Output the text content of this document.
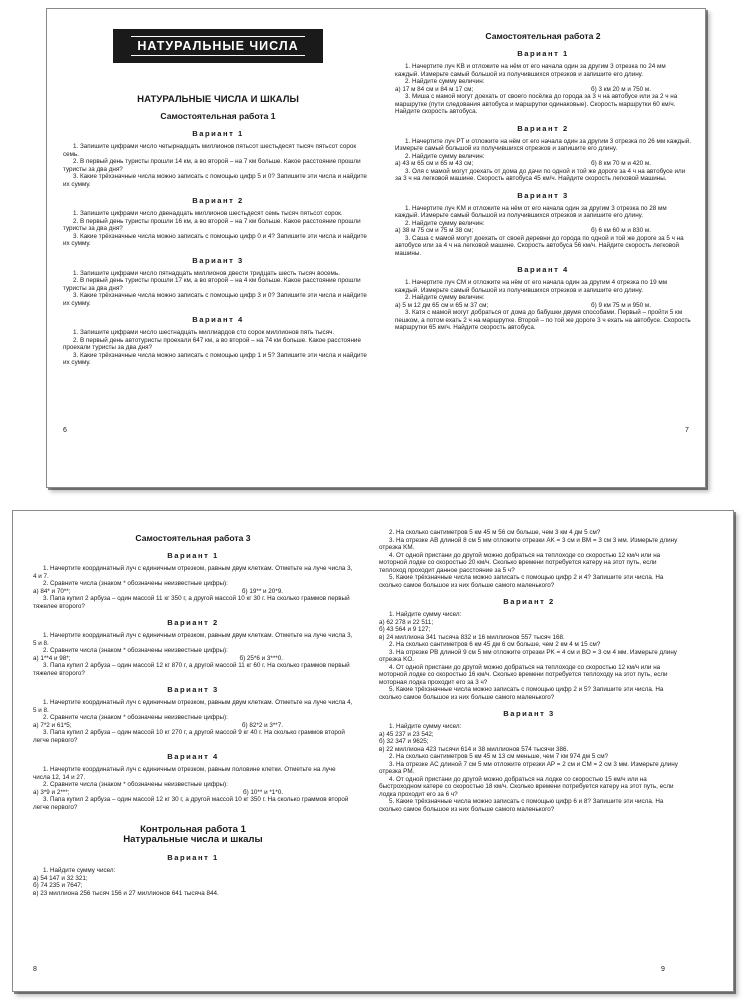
НАТУРАЛЬНЫЕ ЧИСЛА

НАТУРАЛЬНЫЕ ЧИСЛА И ШКАЛЫ

Самостоятельная работа 1

Вариант 1

1. Запишите цифрами число четырнадцать миллионов пятьсот шестьдесят тысяч пятьсот сорок семь.

2. В первый день туристы прошли 14 км, а во второй – на 7 км больше. Какое расстояние прошли туристы за два дня?

3. Какие трёхзначные числа можно записать с помощью цифр 5 и 0? Запишите эти числа и найдите их сумму.

Вариант 2

1. Запишите цифрами число двенадцать миллионов шестьдесят семь тысяч пятьсот сорок.

2. В первый день туристы прошли 16 км, а во второй – на 7 км больше. Какое расстояние прошли туристы за два дня?

3. Какие трёхзначные числа можно записать с помощью цифр 0 и 4? Запишите эти числа и найдите их сумму.

Вариант 3

1. Запишите цифрами число пятнадцать миллионов двести тридцать шесть тысяч восемь.

2. В первый день туристы прошли 17 км, а во второй – на 4 км больше. Какое расстояние прошли туристы за два дня?

3. Какие трёхзначные числа можно записать с помощью цифр 3 и 0? Запишите эти числа и найдите их сумму.

Вариант 4

1. Запишите цифрами число шестнадцать миллиардов сто сорок миллионов пять тысяч.

2. В первый день автотуристы проехали 647 км, а во второй – на 74 км больше. Какое расстояние проехали туристы за два дня?

3. Какие трёхзначные числа можно записать с помощью цифр 1 и 5? Запишите эти числа и найдите их сумму.

6

Самостоятельная работа 2

Вариант 1

1. Начертите луч KB и отложите на нём от его начала один за другим 3 отрезка по 24 мм каждый. Измерьте самый большой из получившихся отрезков и запишите его длину.

2. Найдите сумму величин:

а) 17 м 84 см и 84 м 17 см;	б) 3 км 20 м и 750 м.

3. Миша с мамой могут доехать от своего посёлка до города за 3 ч на автобусе или за 2 ч на маршрутке (пути следования автобуса и маршрутки одинаковые). Скорость маршрутки 60 км/ч. Найдите скорость автобуса.

Вариант 2

1. Начертите луч PT и отложите на нём от его начала один за другим 3 отрезка по 26 мм каждый. Измерьте самый большой из получившихся отрезков и запишите его длину.

2. Найдите сумму величин:

а) 43 м 65 см и 65 м 43 см;	б) 8 км 70 м и 420 м.

3. Оля с мамой могут доехать от дома до дачи по одной и той же дороге за 4 ч на автобусе или за 3 ч на легковой машине. Скорость автобуса 45 км/ч. Найдите скорость легковой машины.

Вариант 3

1. Начертите луч KM и отложите на нём от его начала один за другим 3 отрезка по 28 мм каждый. Измерьте самый большой из получившихся отрезков и запишите его длину.

2. Найдите сумму величин:

а) 38 м 75 см и 75 м 38 см;	б) 6 км 60 м и 830 м.

3. Саша с мамой могут доехать от своей деревни до города по одной и той же дороге за 5 ч на автобусе или за 4 ч на легковой машине. Скорость автобуса 56 км/ч. Найдите скорость легковой машины.

Вариант 4

1. Начертите луч CM и отложите на нём от его начала один за другим 4 отрезка по 19 мм каждый. Измерьте самый большой из получившихся отрезков и запишите его длину.

2. Найдите сумму величин:

а) 5 м 12 дм 65 см и 65 м 37 см;	б) 9 км 75 м и 950 м.

3. Катя с мамой могут добраться от дома до бабушки двумя способами. Первый – пройти 5 км пешком, а потом ехать 2 ч на маршрутке. Второй – по той же дороге 3 ч ехать на автобусе. Скорость маршрутки 65 км/ч. Найдите скорость автобуса.

7

Самостоятельная работа 3

Вариант 1

1. Начертите координатный луч с единичным отрезком, равным двум клеткам. Отметьте на луче числа 3, 4 и 7.

2. Сравните числа (знаком * обозначены неизвестные цифры):

а) 84* и 70**;	б) 19** и 20*9.

3. Папа купил 2 арбуза – один массой 11 кг 350 г, а другой массой 10 кг 30 г. На сколько граммов первый тяжелее второго?

Вариант 2

1. Начертите координатный луч с единичным отрезком, равным двум клеткам. Отметьте на луче числа 3, 5 и 8.

2. Сравните числа (знаком * обозначены неизвестные цифры):

а) 1**4 и 98*;	б) 25*6 и 3***0.

3. Папа купил 2 арбуза – один массой 12 кг 870 г, а другой массой 11 кг 60 г. На сколько граммов первый тяжелее второго?

Вариант 3

1. Начертите координатный луч с единичным отрезком, равным двум клеткам. Отметьте на луче числа 4, 5 и 8.

2. Сравните числа (знаком * обозначены неизвестные цифры):

а) 7*2 и 61*5;	б) 82*2 и 3**7.

3. Папа купил 2 арбуза – один массой 10 кг 270 г, а другой массой 9 кг 40 г. На сколько граммов второй легче первого?

Вариант 4

1. Начертите координатный луч с единичным отрезком, равным половине клетки. Отметьте на луче числа 12, 14 и 27.

2. Сравните числа (знаком * обозначены неизвестные цифры):

а) 3*9 и 2***;	б) 10** и *1*0.

3. Папа купил 2 арбуза – один массой 12 кг 30 г, а другой массой 10 кг 350 г. На сколько граммов второй легче первого?

Контрольная работа 1

Натуральные числа и шкалы

Вариант 1

1. Найдите сумму чисел:

а) 54 147 и 32 321;
б) 74 235 и 7647;
в) 23 миллиона 256 тысяч 156 и 27 миллионов 641 тысяча 844.
8

2. На сколько сантиметров 5 км 45 м 56 см больше, чем 3 км 4 дм 5 см?

3. На отрезке AB длиной 8 см 5 мм отложите отрезки AK = 3 см и BM = 3 см 3 мм. Измерьте длину отрезка KM.

4. От одной пристани до другой можно добраться на теплоходе со скоростью 12 км/ч или на моторной лодке со скоростью 20 км/ч. Сколько времени потребуется катеру на этот путь, если теплоход проходит данное расстояние за 5 ч?

5. Какие трёхзначные числа можно записать с помощью цифр 2 и 4? Запишите эти числа. На сколько самое большое из них больше самого маленького?

Вариант 2

1. Найдите сумму чисел:

а) 62 278 и 22 511;
б) 43 564 и 9 127;
в) 24 миллиона 341 тысяча 832 и 16 миллионов 557 тысяч 168.

2. На сколько сантиметров 6 км 45 дм 6 см больше, чем 2 км 4 м 15 см?

3. На отрезке PB длиной 9 см 5 мм отложите отрезки PK = 4 см и BO = 3 см 4 мм. Измерьте длину отрезка KO.

4. От одной пристани до другой можно добраться на теплоходе со скоростью 12 км/ч или на моторной лодке со скоростью 16 км/ч. Сколько времени потребуется теплоходу на этот путь, если моторная лодка проходит его за 3 ч?

5. Какие трёхзначные числа можно записать с помощью цифр 2 и 5? Запишите эти числа. На сколько самое большое из них больше самого маленького?

Вариант 3

1. Найдите сумму чисел:

а) 45 237 и 23 542;
б) 32 347 и 9625;
в) 22 миллиона 423 тысячи 614 и 38 миллионов 574 тысячи 386.

2. На сколько сантиметров 5 км 45 м 13 см меньше, чем 7 км 974 дм 5 см?

3. На отрезке AC длиной 7 см 5 мм отложите отрезки AP = 2 см и CM = 2 см 3 мм. Измерьте длину отрезка PM.

4. От одной пристани до другой можно добраться на лодке со скоростью 15 км/ч или на быстроходном катере со скоростью 18 км/ч. Сколько времени потребуется катеру на этот путь, если лодка проходит его за 6 ч?

5. Какие трёхзначные числа можно записать с помощью цифр 6 и 8? Запишите эти числа. На сколько самое большое из них больше самого маленького?

9
